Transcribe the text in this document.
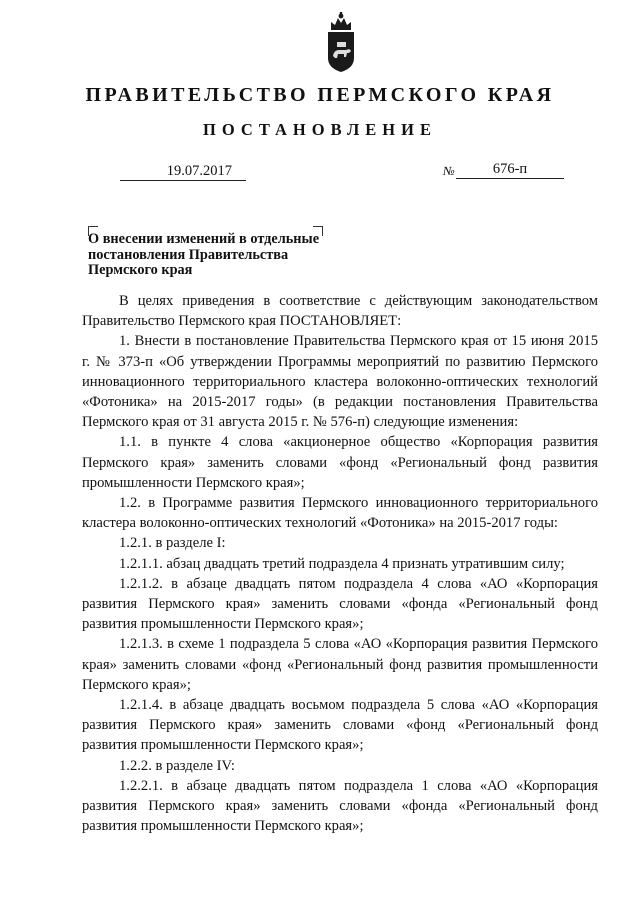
ПРАВИТЕЛЬСТВО ПЕРМСКОГО КРАЯ
ПОСТАНОВЛЕНИЕ
19.07.2017	№	676-п
О внесении изменений в отдельные
постановления Правительства
Пермского края

В целях приведения в соответствие с действующим законодательством Правительство Пермского края ПОСТАНОВЛЯЕТ:

1. Внести в постановление Правительства Пермского края от 15 июня 2015 г. № 373-п «Об утверждении Программы мероприятий по развитию Пермского инновационного территориального кластера волоконно-оптических технологий «Фотоника» на 2015-2017 годы» (в редакции постановления Правительства Пермского края от 31 августа 2015 г. № 576-п) следующие изменения:

1.1. в пункте 4 слова «акционерное общество «Корпорация развития Пермского края» заменить словами «фонд «Региональный фонд развития промышленности Пермского края»;

1.2. в Программе развития Пермского инновационного территориального кластера волоконно-оптических технологий «Фотоника» на 2015-2017 годы:

1.2.1. в разделе I:

1.2.1.1. абзац двадцать третий подраздела 4 признать утратившим силу;

1.2.1.2. в абзаце двадцать пятом подраздела 4 слова «АО «Корпорация развития Пермского края» заменить словами «фонда «Региональный фонд развития промышленности Пермского края»;

1.2.1.3. в схеме 1 подраздела 5 слова «АО «Корпорация развития Пермского края» заменить словами «фонд «Региональный фонд развития промышленности Пермского края»;

1.2.1.4. в абзаце двадцать восьмом подраздела 5 слова «АО «Корпорация развития Пермского края» заменить словами «фонд «Региональный фонд развития промышленности Пермского края»;

1.2.2. в разделе IV:

1.2.2.1. в абзаце двадцать пятом подраздела 1 слова «АО «Корпорация развития Пермского края» заменить словами «фонда «Региональный фонд развития промышленности Пермского края»;
